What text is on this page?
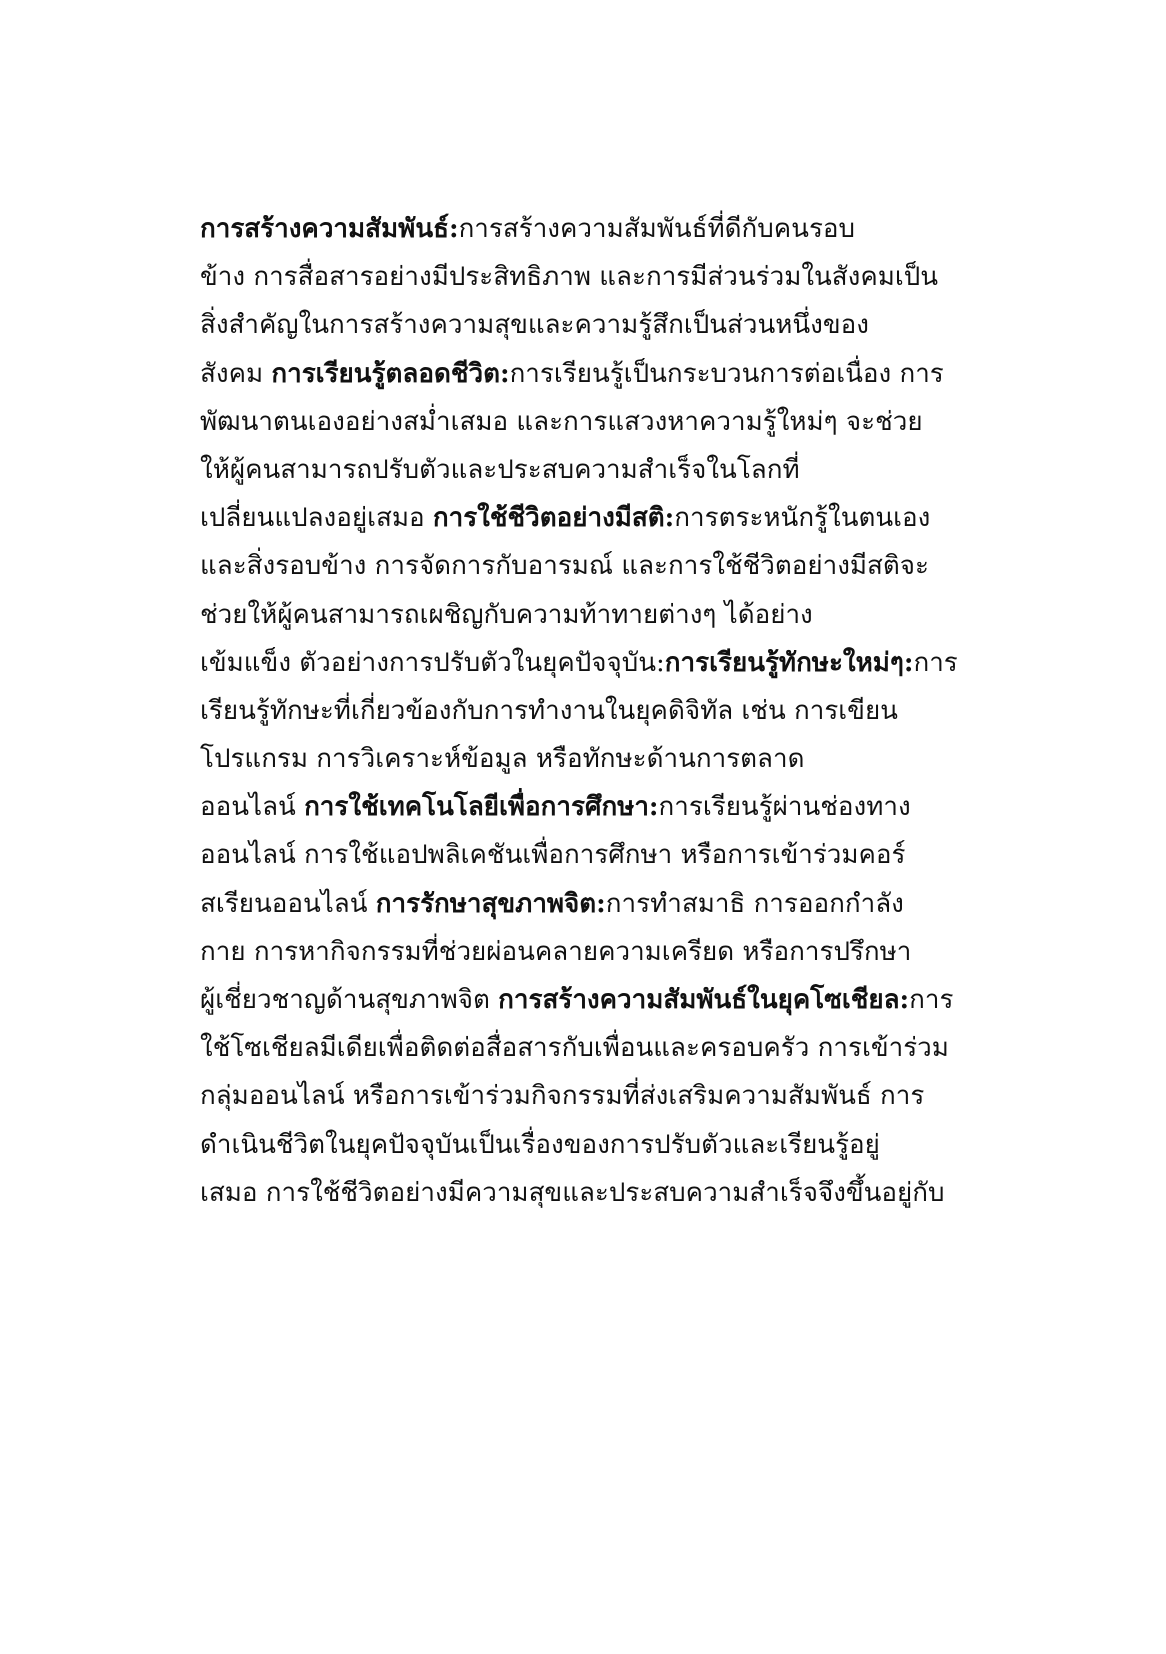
การสร้างความสัมพันธ์:การสร้างความสัมพันธ์ที่ดีกับคนรอบ
ข้าง การสื่อสารอย่างมีประสิทธิภาพ และการมีส่วนร่วมในสังคมเป็น
สิ่งสำคัญในการสร้างความสุขและความรู้สึกเป็นส่วนหนึ่งของ
สังคม การเรียนรู้ตลอดชีวิต:การเรียนรู้เป็นกระบวนการต่อเนื่อง การ
พัฒนาตนเองอย่างสม่ำเสมอ และการแสวงหาความรู้ใหม่ๆ จะช่วย
ให้ผู้คนสามารถปรับตัวและประสบความสำเร็จในโลกที่
เปลี่ยนแปลงอยู่เสมอ การใช้ชีวิตอย่างมีสติ:การตระหนักรู้ในตนเอง
และสิ่งรอบข้าง การจัดการกับอารมณ์ และการใช้ชีวิตอย่างมีสติจะ
ช่วยให้ผู้คนสามารถเผชิญกับความท้าทายต่างๆ ได้อย่าง
เข้มแข็ง ตัวอย่างการปรับตัวในยุคปัจจุบัน:การเรียนรู้ทักษะใหม่ๆ:การ
เรียนรู้ทักษะที่เกี่ยวข้องกับการทำงานในยุคดิจิทัล เช่น การเขียน
โปรแกรม การวิเคราะห์ข้อมูล หรือทักษะด้านการตลาด
ออนไลน์ การใช้เทคโนโลยีเพื่อการศึกษา:การเรียนรู้ผ่านช่องทาง
ออนไลน์ การใช้แอปพลิเคชันเพื่อการศึกษา หรือการเข้าร่วมคอร์
สเรียนออนไลน์ การรักษาสุขภาพจิต:การทำสมาธิ การออกกำลัง
กาย การหากิจกรรมที่ช่วยผ่อนคลายความเครียด หรือการปรึกษา
ผู้เชี่ยวชาญด้านสุขภาพจิต การสร้างความสัมพันธ์ในยุคโซเชียล:การ
ใช้โซเชียลมีเดียเพื่อติดต่อสื่อสารกับเพื่อนและครอบครัว การเข้าร่วม
กลุ่มออนไลน์ หรือการเข้าร่วมกิจกรรมที่ส่งเสริมความสัมพันธ์ การ
ดำเนินชีวิตในยุคปัจจุบันเป็นเรื่องของการปรับตัวและเรียนรู้อยู่
เสมอ การใช้ชีวิตอย่างมีความสุขและประสบความสำเร็จจึงขึ้นอยู่กับ
